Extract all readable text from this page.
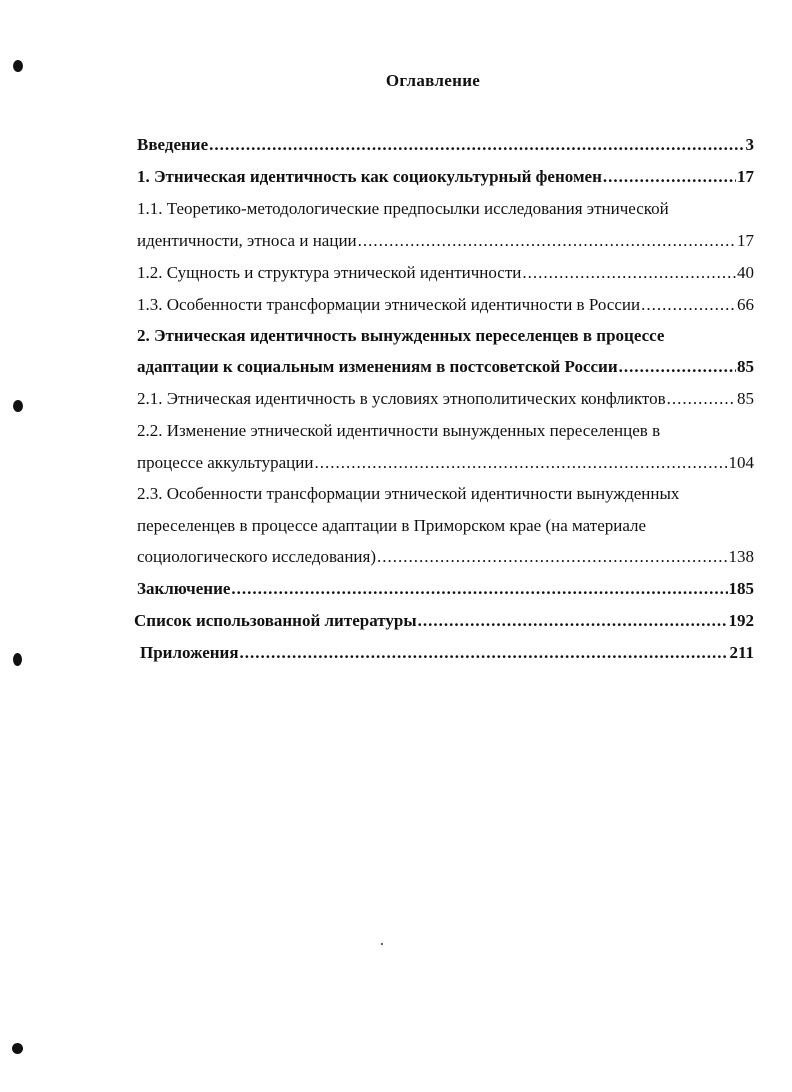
Оглавление
Введение .....	3
1. Этническая идентичность как социокультурный феномен .....	17
1.1. Теоретико-методологические предпосылки исследования этнической
идентичности, этноса и нации .....	17
1.2. Сущность и структура этнической идентичности .....	40
1.3. Особенности трансформации этнической идентичности в России .....	66
2. Этническая идентичность вынужденных переселенцев в процессе
адаптации к социальным изменениям в постсоветской России .....	85
2.1. Этническая идентичность в условиях этнополитических конфликтов .....	85
2.2. Изменение этнической идентичности вынужденных переселенцев в
процессе аккультурации .....	104
2.3. Особенности трансформации этнической идентичности вынужденных
переселенцев в процессе адаптации в Приморском крае (на материале
социологического исследования) .....	138
Заключение .....	185
Список использованной литературы .....	192
Приложения .....	211
